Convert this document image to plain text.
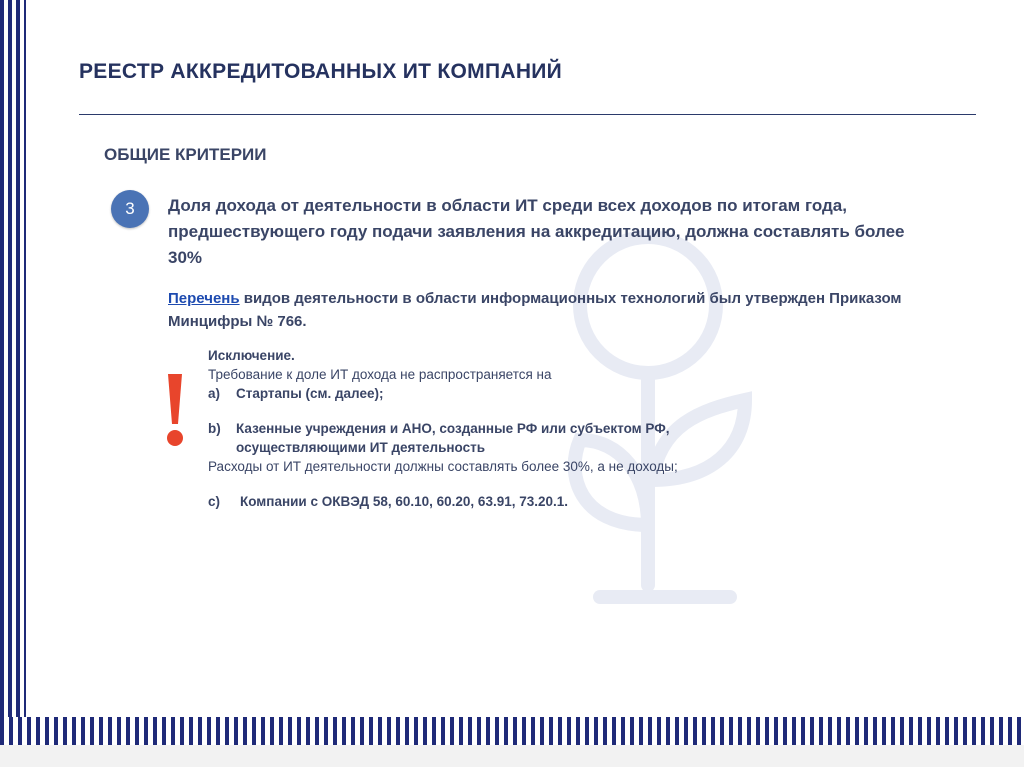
РЕЕСТР АККРЕДИТОВАННЫХ ИТ КОМПАНИЙ
ОБЩИЕ КРИТЕРИИ
3	Доля дохода от деятельности в области ИТ среди всех доходов по итогам года, предшествующего году подачи заявления на аккредитацию, должна составлять более 30%
Перечень видов деятельности в области информационных технологий был утвержден Приказом Минцифры № 766.
Исключение.
Требование к доле ИТ дохода не распространяется на
a)	Стартапы (см. далее);
b)	Казенные учреждения и АНО, созданные РФ или субъектом РФ, осуществляющими ИТ деятельность
Расходы от ИТ деятельности должны составлять более 30%, а не доходы;
c)	Компании с ОКВЭД 58, 60.10, 60.20, 63.91, 73.20.1.
